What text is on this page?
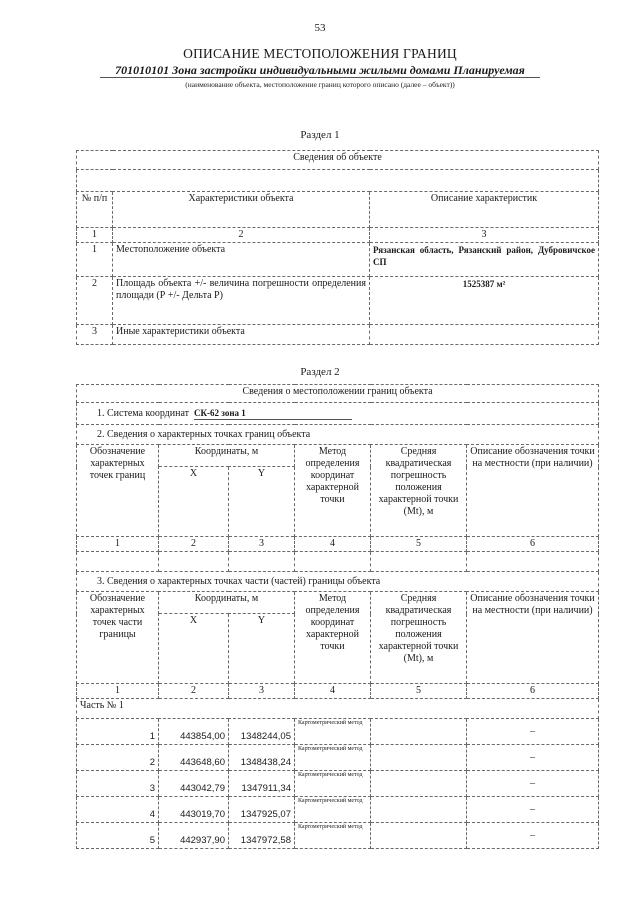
53
ОПИСАНИЕ МЕСТОПОЛОЖЕНИЯ ГРАНИЦ
701010101 Зона застройки индивидуальными жилыми домами Планируемая
(наименование объекта, местоположение границ которого описано (далее – объект))
Раздел 1
Сведения об объекте		

№ п/п	Характеристики объекта	Описание характеристик
1	2	3
1	Местоположение объекта	Рязанская область, Рязанский район, Дубровичское СП
2	Площадь объекта +/- величина погрешности определения площади (Р +/- Дельта Р)	1525387 м²
3	Иные характеристики объекта	
Раздел 2
Сведения о местоположении границ объекта					
1. Система координат СК-62 зона 1					
2. Сведения о характерных точках границ объекта					
Обозначение характерных точек границ	Координаты, м		Метод определения координат характерной точки	Средняя квадратическая погрешность положения характерной точки (Mt), м	Описание обозначения точки на местности (при наличии)
	X	Y			
1	2	3	4	5	6

3. Сведения о характерных точках части (частей) границы объекта					
Обозначение характерных точек части границы	Координаты, м		Метод определения координат характерной точки	Средняя квадратическая погрешность положения характерной точки (Mt), м	Описание обозначения точки на местности (при наличии)
	X	Y			
1	2	3	4	5	6
Часть № 1					
1	443854,00	1348244,05	Картометрический метод		–
2	443648,60	1348438,24	Картометрический метод		–
3	443042,79	1347911,34	Картометрический метод		–
4	443019,70	1347925,07	Картометрический метод		–
5	442937,90	1347972,58	Картометрический метод		–
